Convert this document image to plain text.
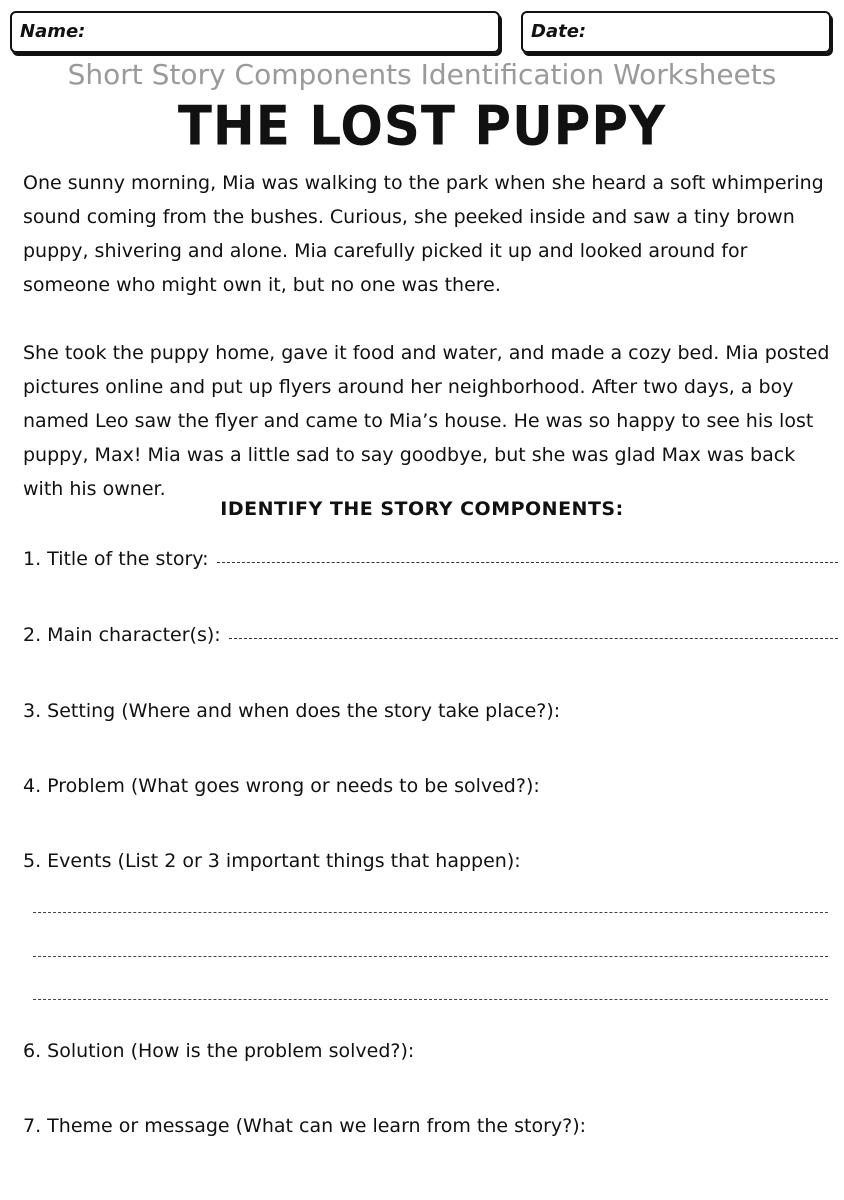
Name:	Date:
Short Story Components Identification Worksheets
THE LOST PUPPY

One sunny morning, Mia was walking to the park when she heard a soft whimpering sound coming from the bushes. Curious, she peeked inside and saw a tiny brown puppy, shivering and alone. Mia carefully picked it up and looked around for someone who might own it, but no one was there.

She took the puppy home, gave it food and water, and made a cozy bed. Mia posted pictures online and put up flyers around her neighborhood. After two days, a boy named Leo saw the flyer and came to Mia’s house. He was so happy to see his lost puppy, Max! Mia was a little sad to say goodbye, but she was glad Max was back with his owner.

IDENTIFY THE STORY COMPONENTS:
1. Title of the story:
2. Main character(s):
3. Setting (Where and when does the story take place?):
4. Problem (What goes wrong or needs to be solved?):
5. Events (List 2 or 3 important things that happen):
6. Solution (How is the problem solved?):
7. Theme or message (What can we learn from the story?):
